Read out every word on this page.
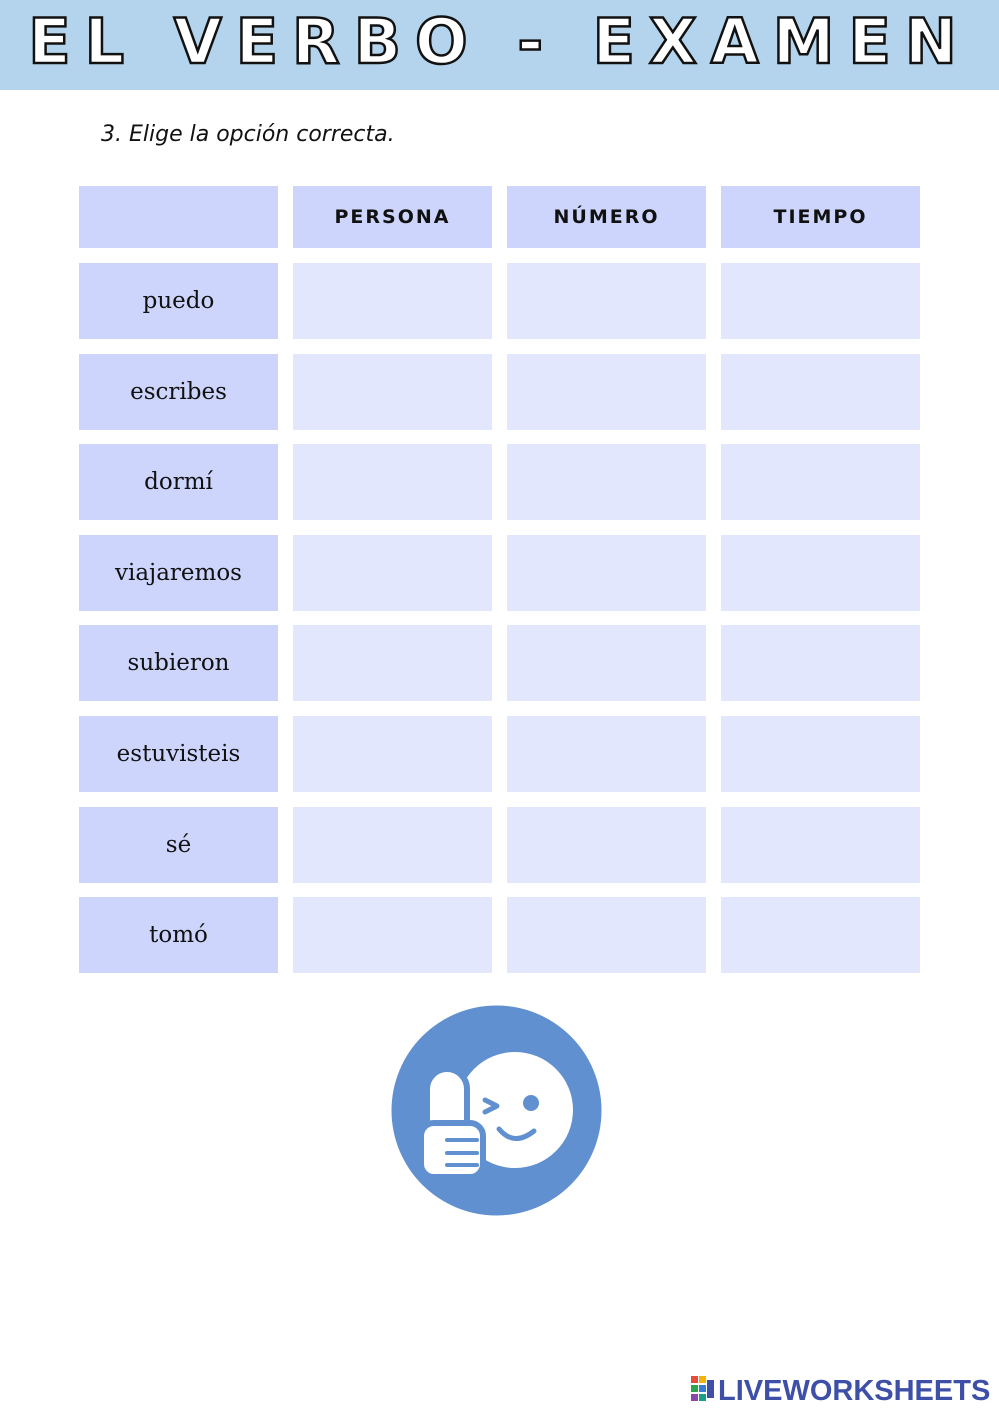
EL VERBO - EXAMEN
3. Elige la opción correcta.
PERSONA	NÚMERO	TIEMPO
puedo
escribes
dormí
viajaremos
subieron
estuvisteis
sé
tomó
LIVEWORKSHEETS
